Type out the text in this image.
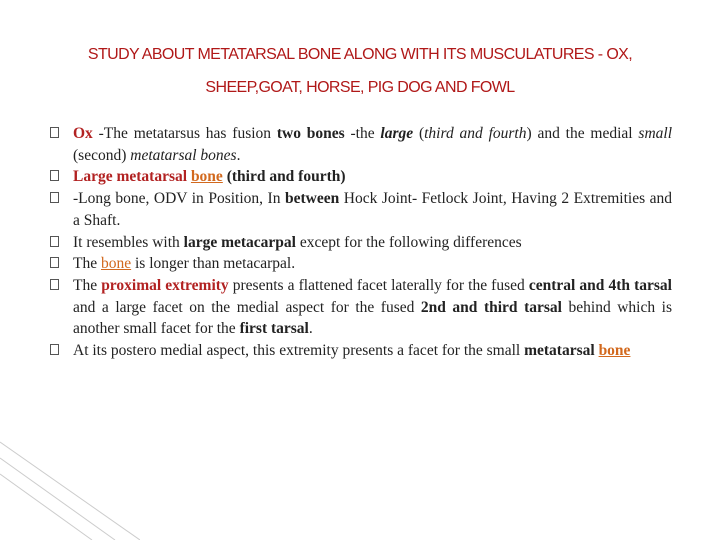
STUDY ABOUT METATARSAL BONE ALONG WITH ITS MUSCULATURES - OX,
SHEEP,GOAT, HORSE, PIG DOG AND FOWL
Ox -The metatarsus has fusion two bones -the large (third and fourth) and the medial small (second) metatarsal bones.
Large metatarsal bone (third and fourth)
-Long bone, ODV in Position, In between Hock Joint- Fetlock Joint, Having 2 Extremities and a Shaft.
It resembles with large metacarpal except for the following differences
The bone is longer than metacarpal.
The proximal extremity presents a flattened facet laterally for the fused central and 4th tarsal and a large facet on the medial aspect for the fused 2nd and third tarsal behind which is another small facet for the first tarsal.
At its postero medial aspect, this extremity presents a facet for the small metatarsal bone
